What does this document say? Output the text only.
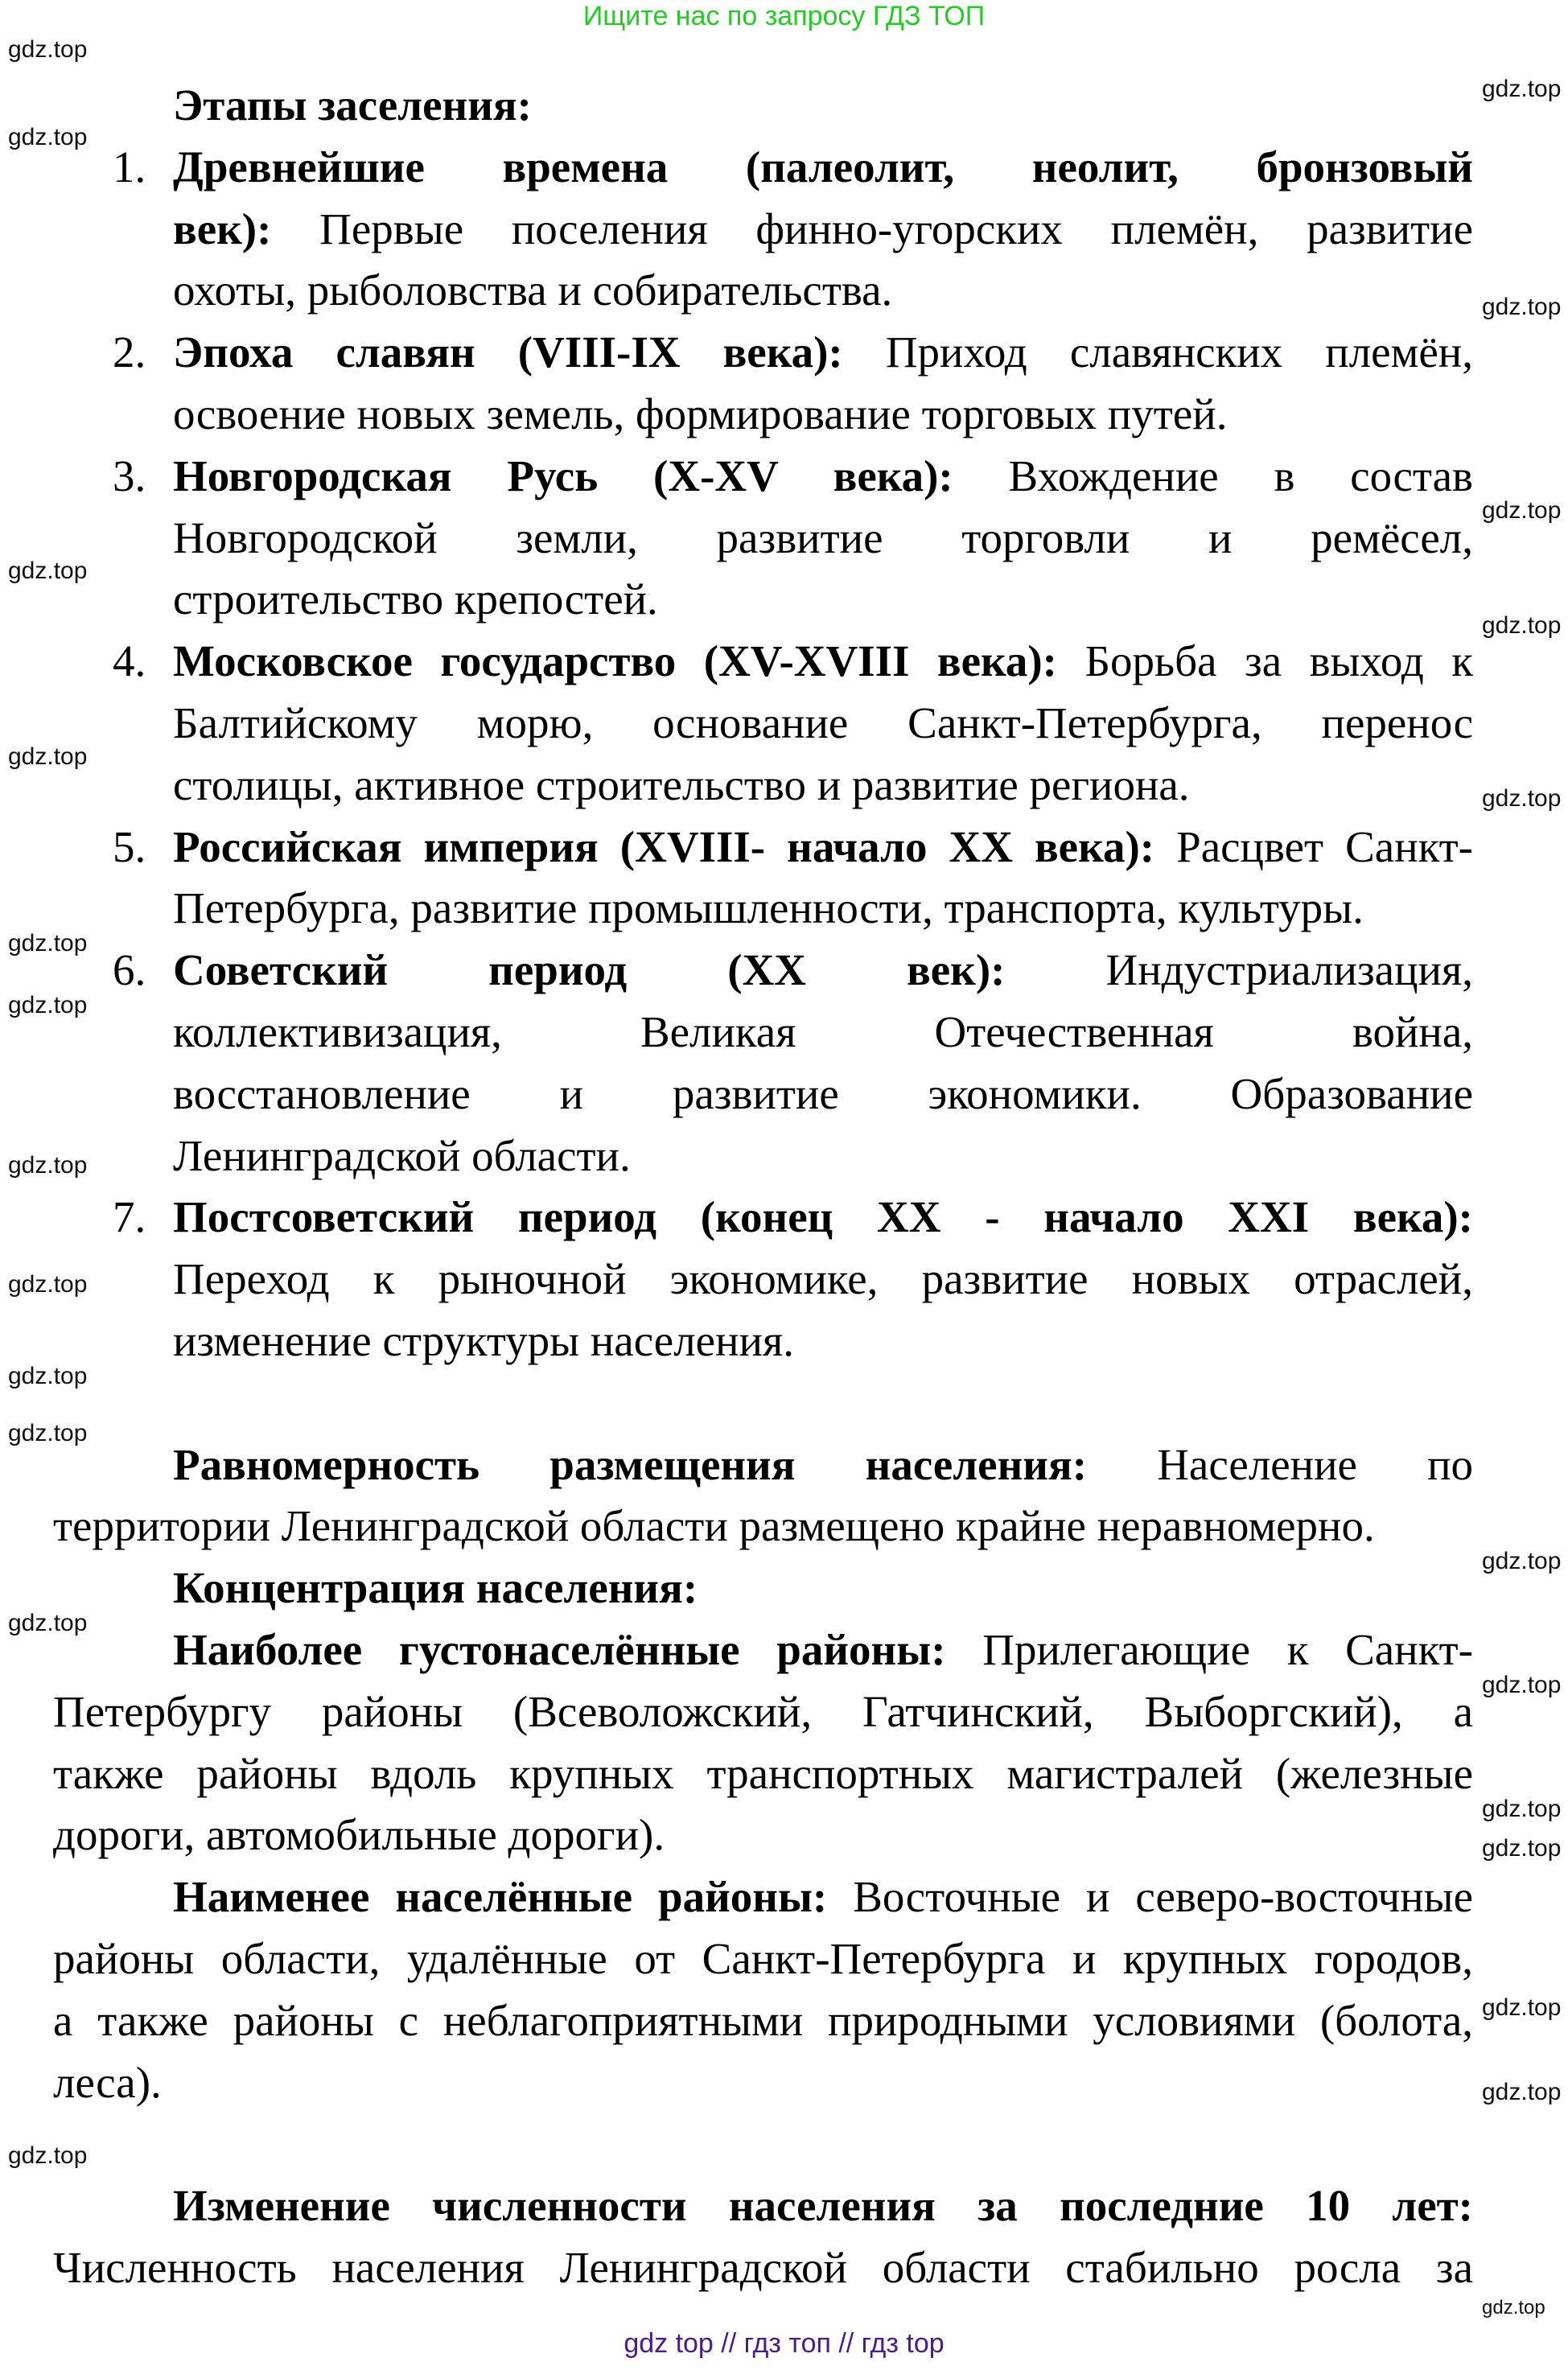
Ищите нас по запросу ГДЗ ТОП
Этапы заселения:
1. Древнейшие времена (палеолит, неолит, бронзовый
век): Первые поселения финно-угорских племён, развитие
охоты, рыболовства и собирательства.
2. Эпоха славян (VIII-IX века): Приход славянских племён,
освоение новых земель, формирование торговых путей.
3. Новгородская Русь (X-XV века): Вхождение в состав
Новгородской земли, развитие торговли и ремёсел,
строительство крепостей.
4. Московское государство (XV-XVIII века): Борьба за выход к
Балтийскому морю, основание Санкт-Петербурга, перенос
столицы, активное строительство и развитие региона.
5. Российская империя (XVIII- начало XX века): Расцвет Санкт-
Петербурга, развитие промышленности, транспорта, культуры.
6. Советский период (XX век): Индустриализация,
коллективизация, Великая Отечественная война,
восстановление и развитие экономики. Образование
Ленинградской области.
7. Постсоветский период (конец XX - начало XXI века):
Переход к рыночной экономике, развитие новых отраслей,
изменение структуры населения.
Равномерность размещения населения: Население по
территории Ленинградской области размещено крайне неравномерно.
Концентрация населения:
Наиболее густонаселённые районы: Прилегающие к Санкт-
Петербургу районы (Всеволожский, Гатчинский, Выборгский), а
также районы вдоль крупных транспортных магистралей (железные
дороги, автомобильные дороги).
Наименее населённые районы: Восточные и северо-восточные
районы области, удалённые от Санкт-Петербурга и крупных городов,
а также районы с неблагоприятными природными условиями (болота,
леса).
Изменение численности населения за последние 10 лет:
Численность населения Ленинградской области стабильно росла за
gdz.top
gdz.top
gdz.top
gdz.top
gdz.top
gdz.top
gdz.top
gdz.top
gdz.top
gdz.top
gdz.top
gdz.top
gdz.top
gdz.top
gdz.top
gdz.top
gdz.top
gdz.top
gdz.top
gdz.top
gdz.top
gdz.top
gdz.top
gdz.top
gdz top // гдз топ // гдз top
